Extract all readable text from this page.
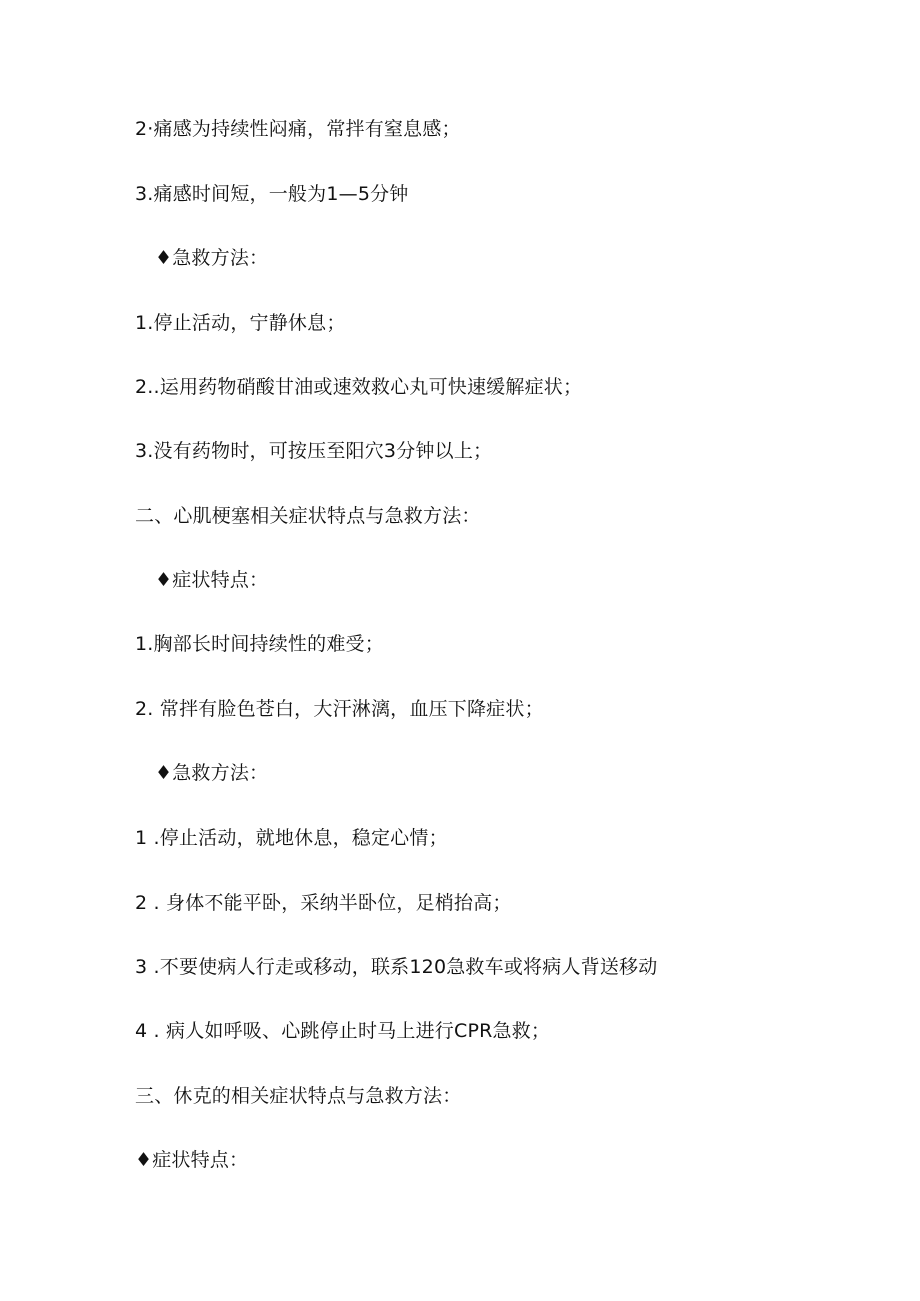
2·痛感为持续性闷痛，常拌有窒息感；
3.痛感时间短，一般为1—5分钟
♦急救方法：
1.停止活动，宁静休息；
2..运用药物硝酸甘油或速效救心丸可快速缓解症状；
3.没有药物时，可按压至阳穴3分钟以上；
二、心肌梗塞相关症状特点与急救方法：
♦症状特点：
1.胸部长时间持续性的难受；
2. 常拌有脸色苍白，大汗淋漓，血压下降症状；
♦急救方法：
1 .停止活动，就地休息，稳定心情；
2 . 身体不能平卧，采纳半卧位，足梢抬高；
3 .不要使病人行走或移动，联系120急救车或将病人背送移动
4 . 病人如呼吸、心跳停止时马上进行CPR急救；
三、休克的相关症状特点与急救方法：
♦症状特点：
